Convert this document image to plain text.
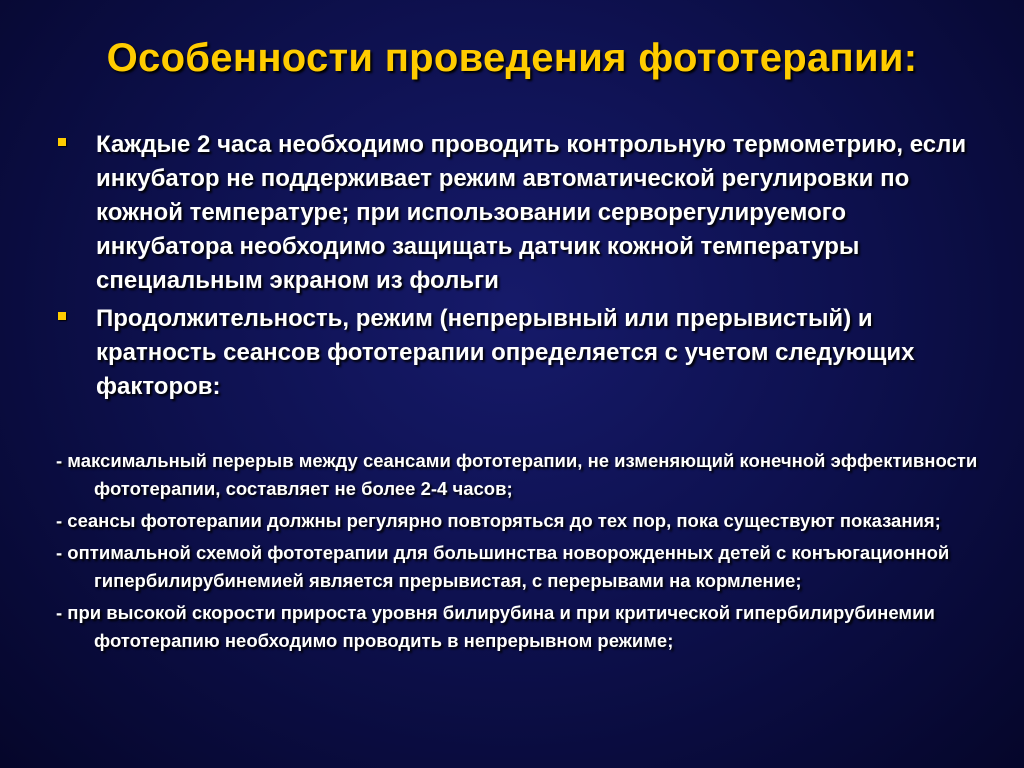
Особенности проведения фототерапии:
Каждые 2 часа необходимо проводить контрольную термометрию, если инкубатор не поддерживает режим автоматической регулировки по кожной температуре; при использовании серворегулируемого инкубатора необходимо защищать датчик кожной температуры специальным экраном из фольги
Продолжительность, режим (непрерывный или прерывистый) и кратность сеансов фототерапии определяется с учетом следующих факторов:
- максимальный перерыв между сеансами фототерапии, не изменяющий конечной эффективности фототерапии, составляет не более 2-4 часов;
- сеансы фототерапии должны регулярно повторяться до тех пор, пока существуют показания;
- оптимальной схемой фототерапии для большинства новорожденных детей с конъюгационной гипербилирубинемией является прерывистая, с перерывами на кормление;
- при высокой скорости прироста уровня билирубина и при критической гипербилирубинемии фототерапию необходимо проводить в непрерывном режиме;
